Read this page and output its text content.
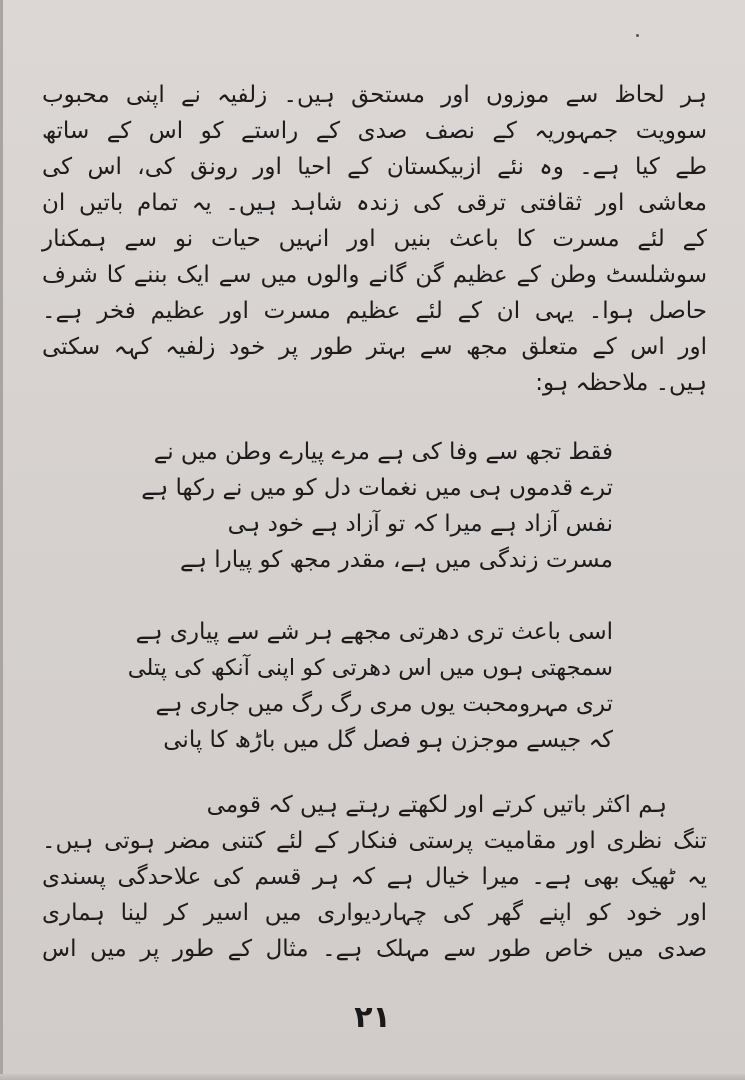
ہر لحاظ سے موزوں اور مستحق ہیں۔ زلفیہ نے اپنی محبوب
سوویت جمہوریہ کے نصف صدی کے راستے کو اس کے ساتھ
طے کیا ہے۔ وہ نئے ازبیکستان کے احیا اور رونق کی، اس کی
معاشی اور ثقافتی ترقی کی زندہ شاہد ہیں۔ یہ تمام باتیں ان
کے لئے مسرت کا باعث بنیں اور انہیں حیات نو سے ہمکنار
سوشلسٹ وطن کے عظیم گن گانے والوں میں سے ایک بننے کا شرف
حاصل ہوا۔ یہی ان کے لئے عظیم مسرت اور عظیم فخر ہے۔
اور اس کے متعلق مجھ سے بہتر طور پر خود زلفیہ کہہ سکتی
ہیں۔ ملاحظہ ہو:
فقط تجھ سے وفا کی ہے مرے پیارے وطن میں نے
ترے قدموں ہی میں نغمات دل کو میں نے رکھا ہے
نفس آزاد ہے میرا کہ تو آزاد ہے خود ہی
مسرت زندگی میں ہے، مقدر مجھ کو پیارا ہے
اسی باعث تری دھرتی مجھے ہر شے سے پیاری ہے
سمجھتی ہوں میں اس دھرتی کو اپنی آنکھ کی پتلی
تری مہرومحبت یوں مری رگ رگ میں جاری ہے
کہ جیسے موجزن ہو فصل گل میں باڑھ کا پانی
ہم اکثر باتیں کرتے اور لکھتے رہتے ہیں کہ قومی
تنگ نظری اور مقامیت پرستی فنکار کے لئے کتنی مضر ہوتی ہیں۔
یہ ٹھیک بھی ہے۔ میرا خیال ہے کہ ہر قسم کی علاحدگی پسندی
اور خود کو اپنے گھر کی چہاردیواری میں اسیر کر لینا ہماری
صدی میں خاص طور سے مہلک ہے۔ مثال کے طور پر میں اس
۲۱
